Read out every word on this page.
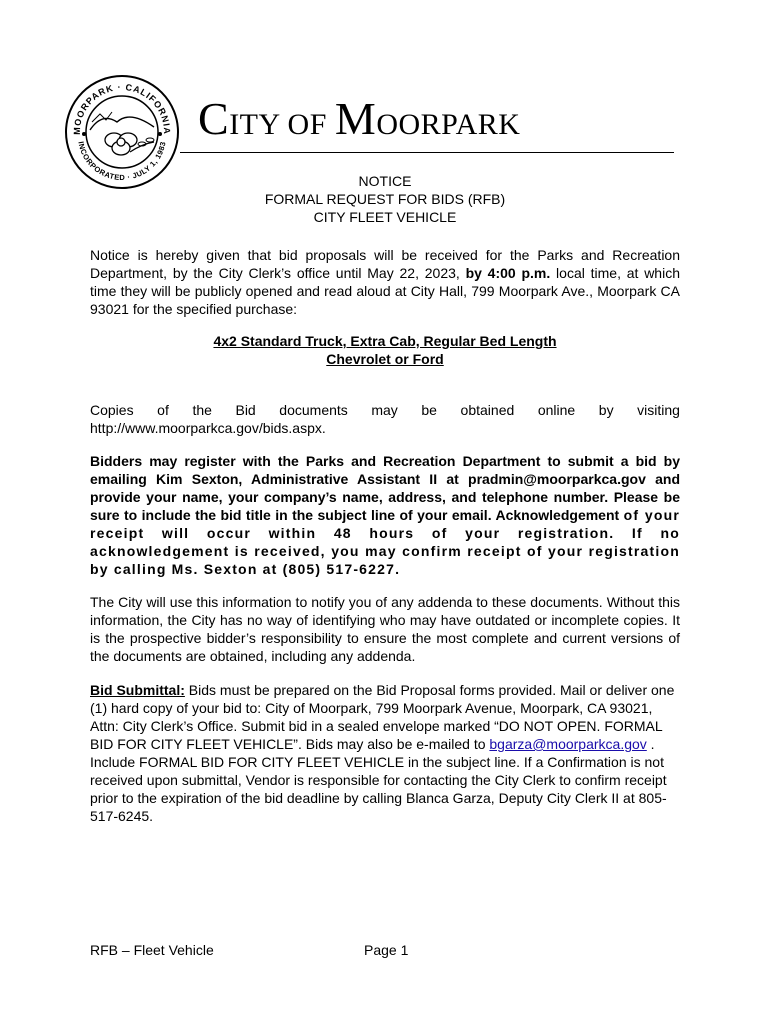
MOORPARK · CALIFORNIA
INCORPORATED · JULY 1, 1983 CITY OF MOORPARK
NOTICE
FORMAL REQUEST FOR BIDS (RFB)
CITY FLEET VEHICLE
Notice is hereby given that bid proposals will be received for the Parks and Recreation Department, by the City Clerk’s office until May 22, 2023, by 4:00 p.m. local time, at which time they will be publicly opened and read aloud at City Hall, 799 Moorpark Ave., Moorpark CA 93021 for the specified purchase:
4x2 Standard Truck, Extra Cab, Regular Bed Length
Chevrolet or Ford
Copies of the Bid documents may be obtained online by visiting
http://www.moorparkca.gov/bids.aspx.
Bidders may register with the Parks and Recreation Department to submit a bid by emailing Kim Sexton, Administrative Assistant II at pradmin@moorparkca.gov and provide your name, your company’s name, address, and telephone number. Please be sure to include the bid title in the subject line of your email. Acknowledgement of your receipt will occur within 48 hours of your registration. If no acknowledgement is received, you may confirm receipt of your registration by calling Ms. Sexton at (805) 517-6227.
The City will use this information to notify you of any addenda to these documents. Without this information, the City has no way of identifying who may have outdated or incomplete copies. It is the prospective bidder’s responsibility to ensure the most complete and current versions of the documents are obtained, including any addenda.
Bid Submittal: Bids must be prepared on the Bid Proposal forms provided. Mail or deliver one (1) hard copy of your bid to: City of Moorpark, 799 Moorpark Avenue, Moorpark, CA 93021, Attn: City Clerk’s Office. Submit bid in a sealed envelope marked “DO NOT OPEN. FORMAL BID FOR CITY FLEET VEHICLE”. Bids may also be e-mailed to bgarza@moorparkca.gov . Include FORMAL BID FOR CITY FLEET VEHICLE in the subject line. If a Confirmation is not received upon submittal, Vendor is responsible for contacting the City Clerk to confirm receipt prior to the expiration of the bid deadline by calling Blanca Garza, Deputy City Clerk II at 805-517-6245.
RFB – Fleet Vehicle	Page 1
